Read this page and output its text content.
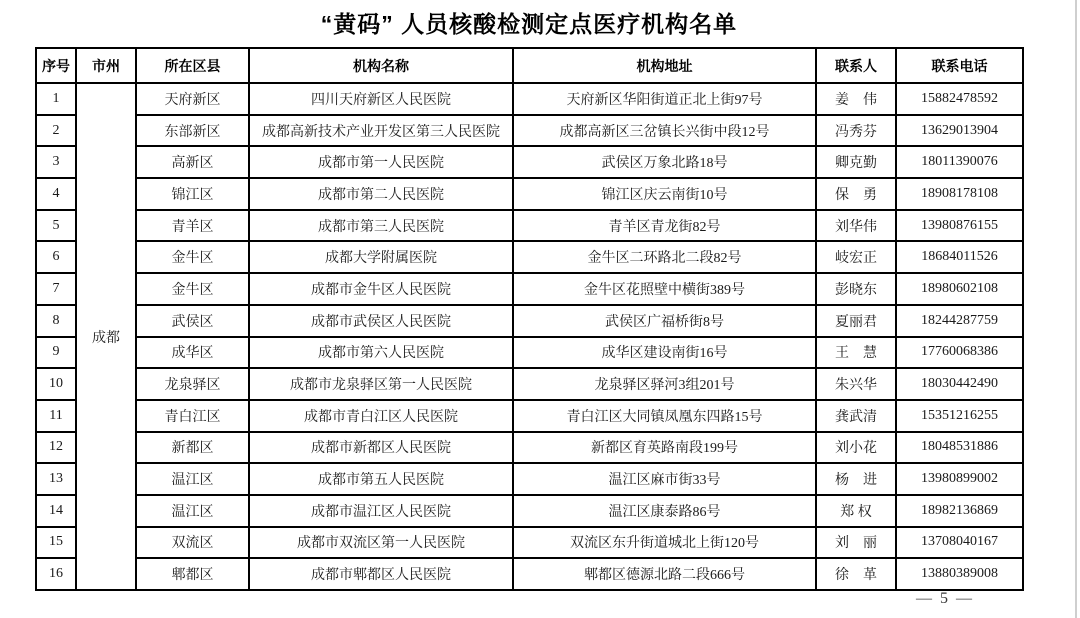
“黄码” 人员核酸检测定点医疗机构名单
序号	市州	所在区县	机构名称	机构地址	联系人	联系电话
1	成都	天府新区	四川天府新区人民医院	天府新区华阳街道正北上街97号	姜　伟	15882478592
2		东部新区	成都高新技术产业开发区第三人民医院	成都高新区三岔镇长兴街中段12号	冯秀芬	13629013904
3		高新区	成都市第一人民医院	武侯区万象北路18号	卿克勤	18011390076
4		锦江区	成都市第二人民医院	锦江区庆云南街10号	保　勇	18908178108
5		青羊区	成都市第三人民医院	青羊区青龙街82号	刘华伟	13980876155
6		金牛区	成都大学附属医院	金牛区二环路北二段82号	岐宏正	18684011526
7		金牛区	成都市金牛区人民医院	金牛区花照壁中横街389号	彭晓东	18980602108
8		武侯区	成都市武侯区人民医院	武侯区广福桥街8号	夏丽君	18244287759
9		成华区	成都市第六人民医院	成华区建设南街16号	王　慧	17760068386
10		龙泉驿区	成都市龙泉驿区第一人民医院	龙泉驿区驿河3组201号	朱兴华	18030442490
11		青白江区	成都市青白江区人民医院	青白江区大同镇凤凰东四路15号	龚武清	15351216255
12		新都区	成都市新都区人民医院	新都区育英路南段199号	刘小花	18048531886
13		温江区	成都市第五人民医院	温江区麻市街33号	杨　进	13980899002
14		温江区	成都市温江区人民医院	温江区康泰路86号	郑 权	18982136869
15		双流区	成都市双流区第一人民医院	双流区东升街道城北上街120号	刘　丽	13708040167
16		郫都区	成都市郫都区人民医院	郫都区德源北路二段666号	徐　革	13880389008
— 5 —
